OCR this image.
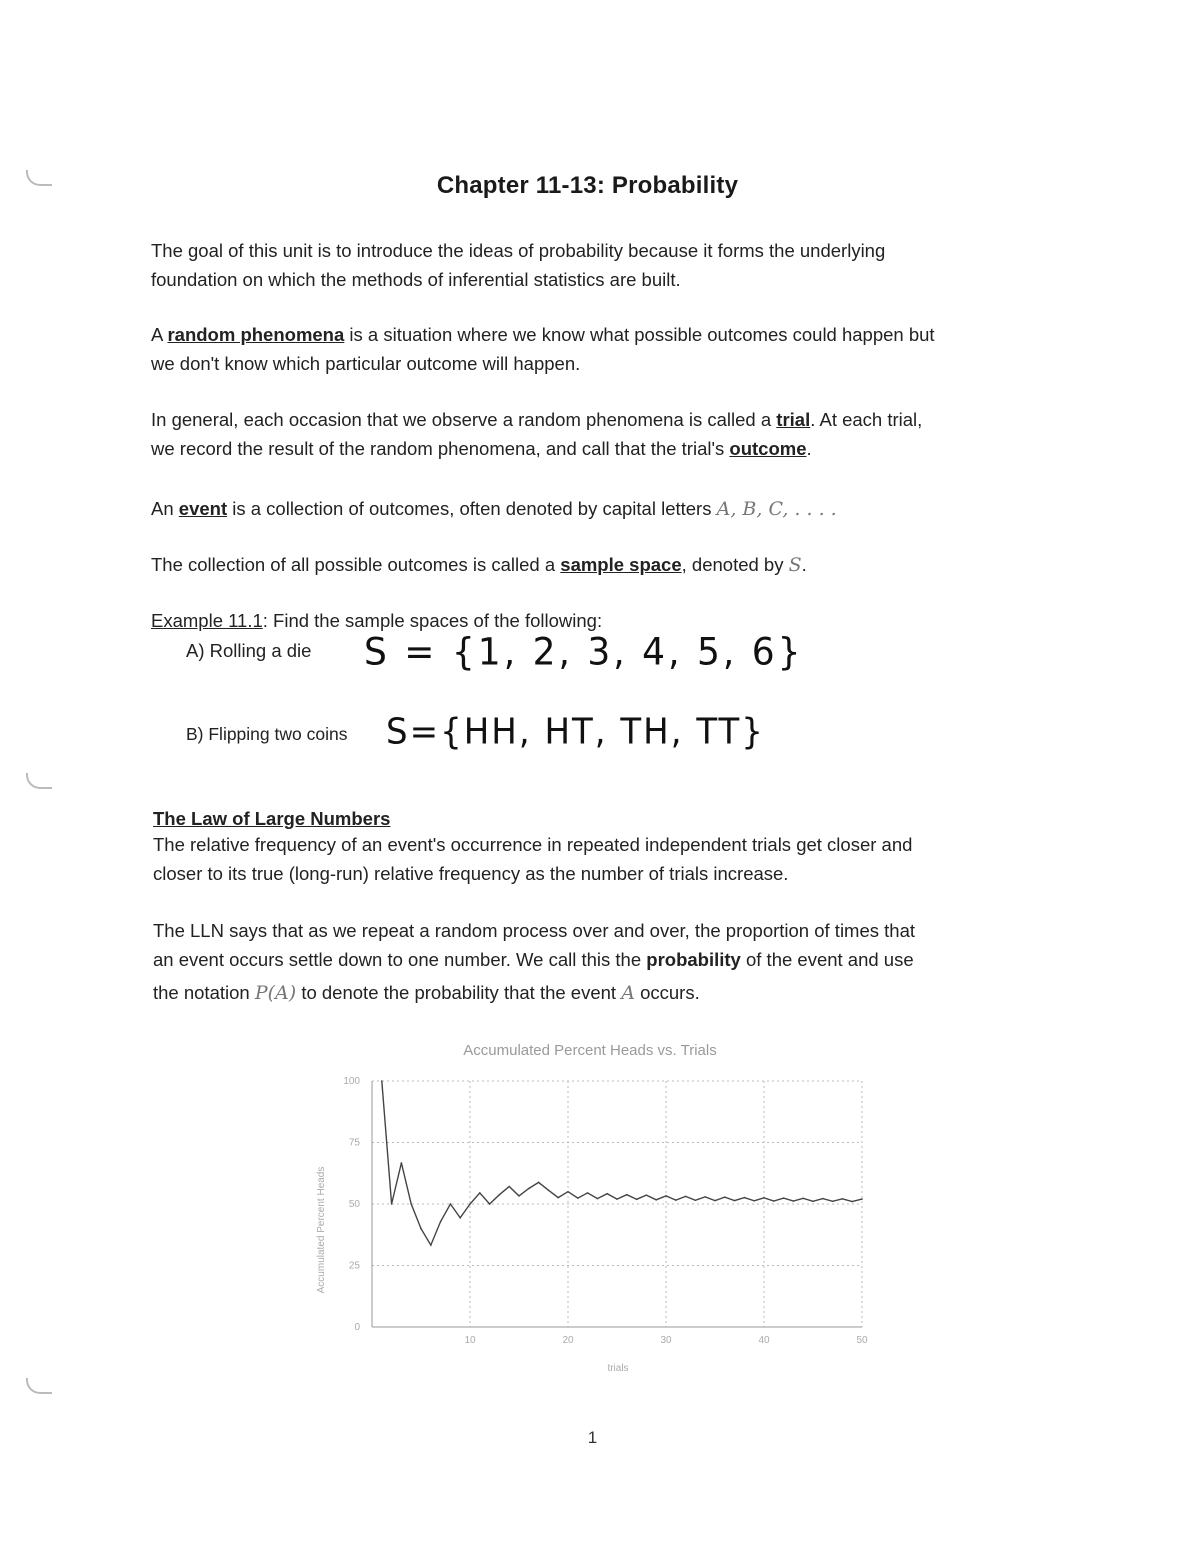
Chapter 11-13: Probability
The goal of this unit is to introduce the ideas of probability because it forms the underlying
foundation on which the methods of inferential statistics are built.
A random phenomena is a situation where we know what possible outcomes could happen but
we don't know which particular outcome will happen.
In general, each occasion that we observe a random phenomena is called a trial. At each trial,
we record the result of the random phenomena, and call that the trial's outcome.
An event is a collection of outcomes, often denoted by capital letters A, B, C, . . . .
The collection of all possible outcomes is called a sample space, denoted by S.
Example 11.1: Find the sample spaces of the following:
A) Rolling a die S = {1, 2, 3, 4, 5, 6}
B) Flipping two coins S={HH, HT, TH, TT}
The Law of Large Numbers
The relative frequency of an event's occurrence in repeated independent trials get closer and
closer to its true (long-run) relative frequency as the number of trials increase.
The LLN says that as we repeat a random process over and over, the proportion of times that
an event occurs settle down to one number. We call this the probability of the event and use
the notation P(A) to denote the probability that the event A occurs.
Accumulated Percent Heads vs. Trials
0
25
50
75
100
10	20	30	40	50
trials
Accumulated Percent Heads
1
